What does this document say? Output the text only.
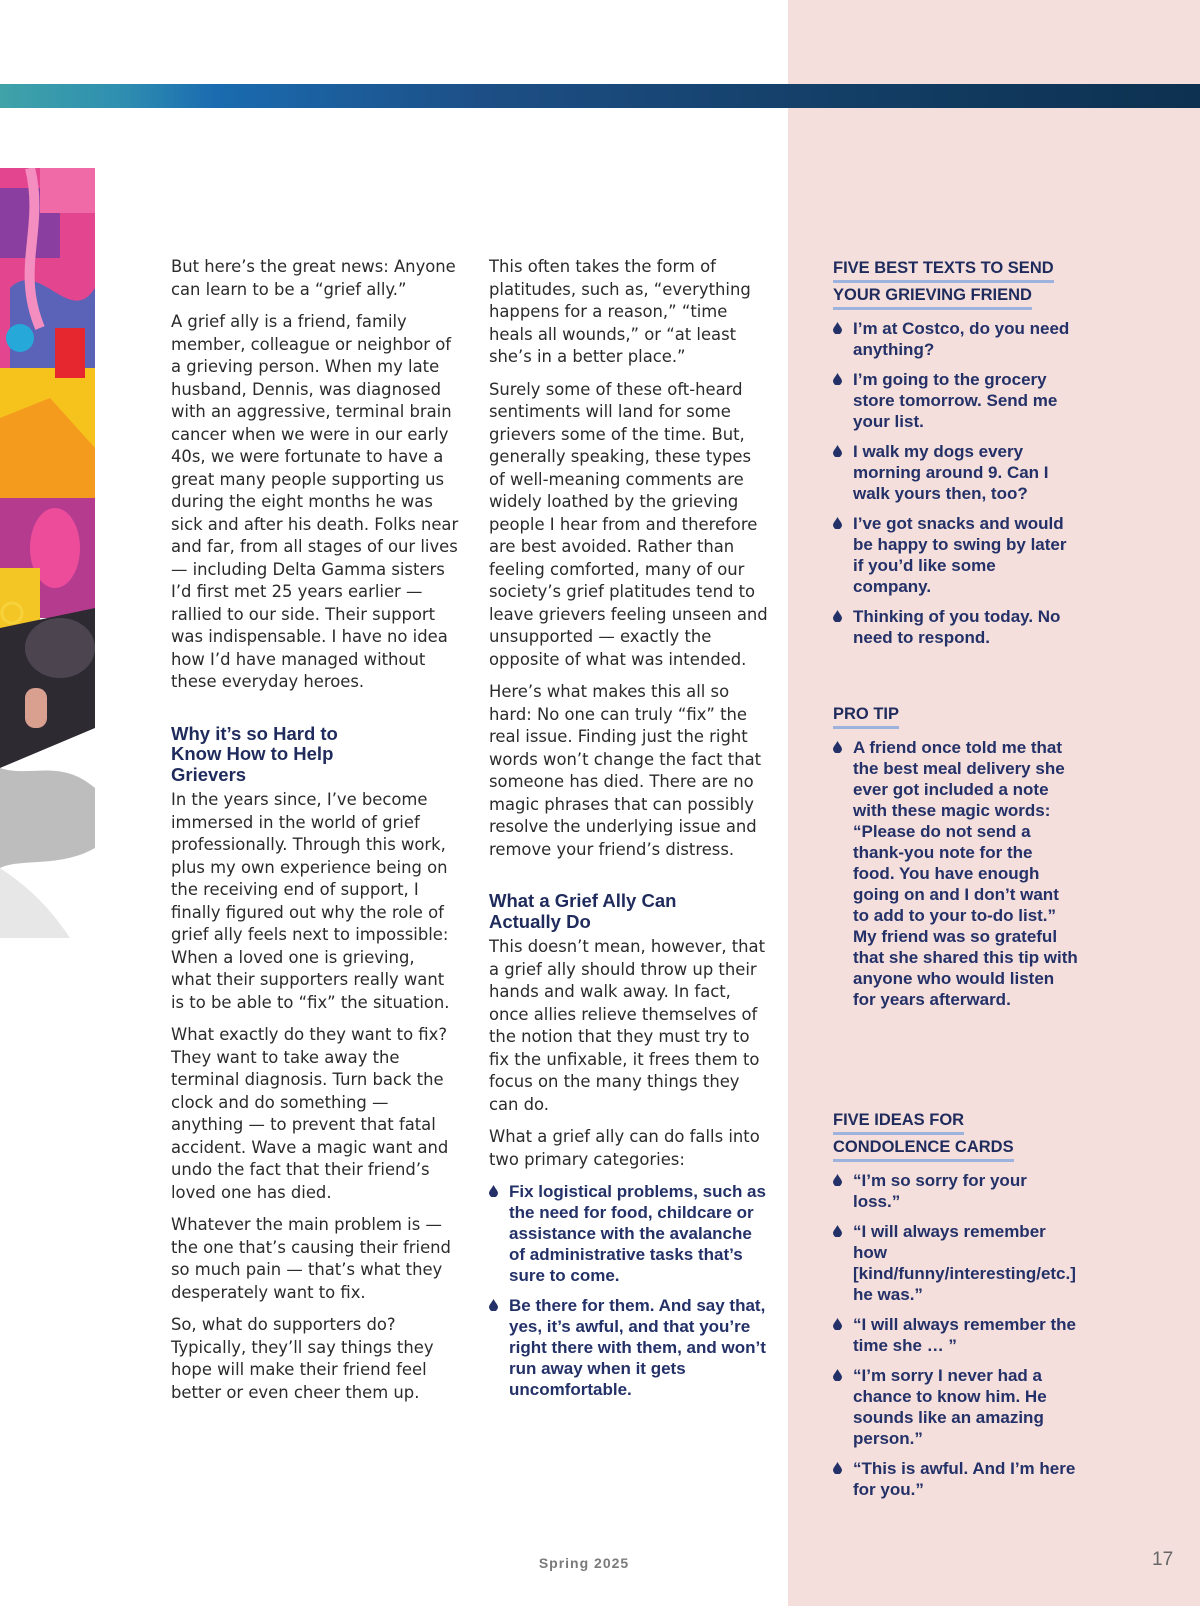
But here’s the great news: Anyone can learn to be a “grief ally.”

A grief ally is a friend, family member, colleague or neighbor of a grieving person. When my late husband, Dennis, was diagnosed with an aggressive, terminal brain cancer when we were in our early 40s, we were fortunate to have a great many people supporting us during the eight months he was sick and after his death. Folks near and far, from all stages of our lives — including Delta Gamma sisters I’d first met 25 years earlier — rallied to our side. Their support was indispensable. I have no idea how I’d have managed without these everyday heroes.

Why it’s so Hard to Know How to Help Grievers

In the years since, I’ve become immersed in the world of grief professionally. Through this work, plus my own experience being on the receiving end of support, I finally figured out why the role of grief ally feels next to impossible: When a loved one is grieving, what their supporters really want is to be able to “fix” the situation.

What exactly do they want to fix? They want to take away the terminal diagnosis. Turn back the clock and do something — anything — to prevent that fatal accident. Wave a magic want and undo the fact that their friend’s loved one has died.

Whatever the main problem is — the one that’s causing their friend so much pain — that’s what they desperately want to fix.

So, what do supporters do? Typically, they’ll say things they hope will make their friend feel better or even cheer them up.

This often takes the form of platitudes, such as, “everything happens for a reason,” “time heals all wounds,” or “at least she’s in a better place.”

Surely some of these oft-heard sentiments will land for some grievers some of the time. But, generally speaking, these types of well-meaning comments are widely loathed by the grieving people I hear from and therefore are best avoided. Rather than feeling comforted, many of our society’s grief platitudes tend to leave grievers feeling unseen and unsupported — exactly the opposite of what was intended.

Here’s what makes this all so hard: No one can truly “fix” the real issue. Finding just the right words won’t change the fact that someone has died. There are no magic phrases that can possibly resolve the underlying issue and remove your friend’s distress.

What a Grief Ally Can Actually Do

This doesn’t mean, however, that a grief ally should throw up their hands and walk away. In fact, once allies relieve themselves of the notion that they must try to fix the unfixable, it frees them to focus on the many things they can do.

What a grief ally can do falls into two primary categories:

Fix logistical problems, such as the need for food, childcare or assistance with the avalanche of administrative tasks that’s sure to come.
Be there for them. And say that, yes, it’s awful, and that you’re right there with them, and won’t run away when it gets uncomfortable.
FIVE BEST TEXTS TO SEND
YOUR GRIEVING FRIEND
I’m at Costco, do you need anything?
I’m going to the grocery store tomorrow. Send me your list.
I walk my dogs every morning around 9. Can I walk yours then, too?
I’ve got snacks and would be happy to swing by later if you’d like some company.
Thinking of you today. No need to respond.
PRO TIP
A friend once told me that the best meal delivery she ever got included a note with these magic words: “Please do not send a thank-you note for the food. You have enough going on and I don’t want to add to your to-do list.” My friend was so grateful that she shared this tip with anyone who would listen for years afterward.
FIVE IDEAS FOR
CONDOLENCE CARDS
“I’m so sorry for your loss.”
“I will always remember how [kind/funny/interesting/etc.] he was.”
“I will always remember the time she … ”
“I’m sorry I never had a chance to know him. He sounds like an amazing person.”
“This is awful. And I’m here for you.”
Spring 2025	17
